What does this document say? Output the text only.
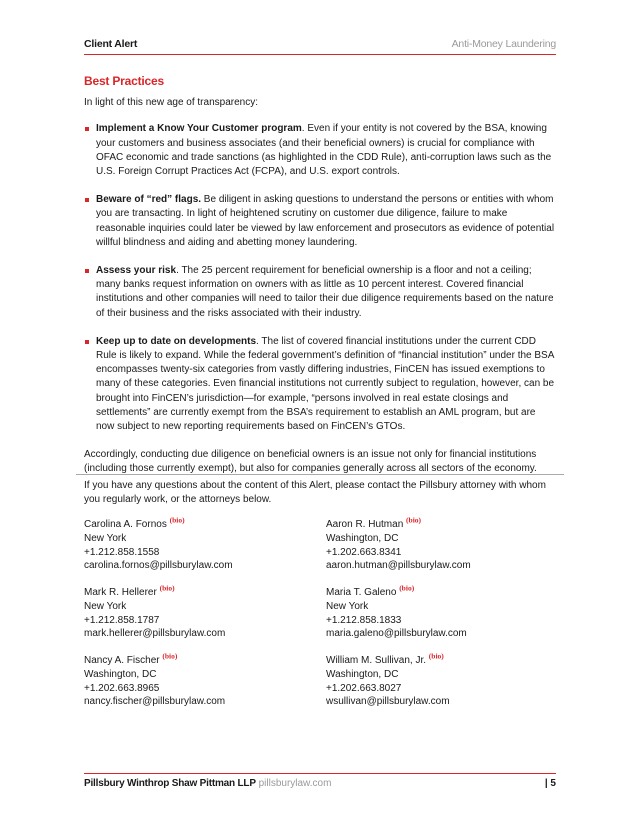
Client Alert	Anti-Money Laundering
Best Practices

In light of this new age of transparency:

Implement a Know Your Customer program. Even if your entity is not covered by the BSA, knowing your customers and business associates (and their beneficial owners) is crucial for compliance with OFAC economic and trade sanctions (as highlighted in the CDD Rule), anti-corruption laws such as the U.S. Foreign Corrupt Practices Act (FCPA), and U.S. export controls.
Beware of “red” flags. Be diligent in asking questions to understand the persons or entities with whom you are transacting. In light of heightened scrutiny on customer due diligence, failure to make reasonable inquiries could later be viewed by law enforcement and prosecutors as evidence of potential willful blindness and aiding and abetting money laundering.
Assess your risk. The 25 percent requirement for beneficial ownership is a floor and not a ceiling; many banks request information on owners with as little as 10 percent interest. Covered financial institutions and other companies will need to tailor their due diligence requirements based on the nature of their business and the risks associated with their industry.
Keep up to date on developments. The list of covered financial institutions under the current CDD Rule is likely to expand. While the federal government’s definition of “financial institution” under the BSA encompasses twenty-six categories from vastly differing industries, FinCEN has issued exemptions to many of these categories. Even financial institutions not currently subject to regulation, however, can be brought into FinCEN’s jurisdiction—for example, “persons involved in real estate closings and settlements” are currently exempt from the BSA’s requirement to establish an AML program, but are now subject to new reporting requirements based on FinCEN’s GTOs.

Accordingly, conducting due diligence on beneficial owners is an issue not only for financial institutions (including those currently exempt), but also for companies generally across all sectors of the economy.

If you have any questions about the content of this Alert, please contact the Pillsbury attorney with whom you regularly work, or the attorneys below.
Carolina A. Fornos $^{(bio)}$
New York
+1.212.858.1558
carolina.fornos@pillsburylaw.com
Aaron R. Hutman $^{(bio)}$
Washington, DC
+1.202.663.8341
aaron.hutman@pillsburylaw.com
Mark R. Hellerer $^{(bio)}$
New York
+1.212.858.1787
mark.hellerer@pillsburylaw.com
Maria T. Galeno $^{(bio)}$
New York
+1.212.858.1833
maria.galeno@pillsburylaw.com
Nancy A. Fischer $^{(bio)}$
Washington, DC
+1.202.663.8965
nancy.fischer@pillsburylaw.com
William M. Sullivan, Jr. $^{(bio)}$
Washington, DC
+1.202.663.8027
wsullivan@pillsburylaw.com
Pillsbury Winthrop Shaw Pittman LLP pillsburylaw.com	| 5
